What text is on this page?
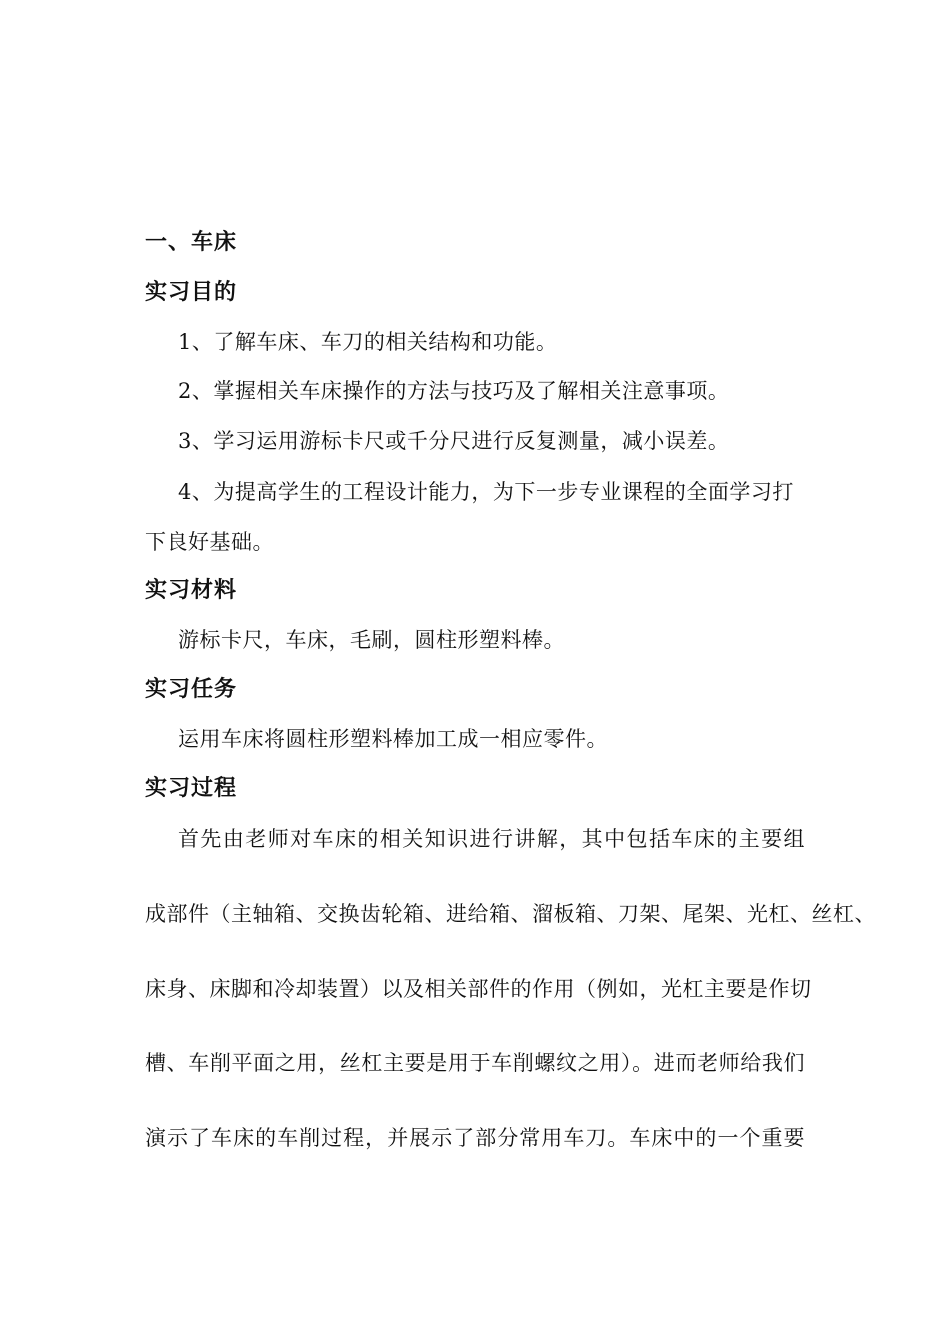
一、车床
实习目的
1、了解车床、车刀的相关结构和功能。
2、掌握相关车床操作的方法与技巧及了解相关注意事项。
3、学习运用游标卡尺或千分尺进行反复测量，减小误差。
4、为提高学生的工程设计能力，为下一步专业课程的全面学习打
下良好基础。
实习材料
游标卡尺，车床，毛刷，圆柱形塑料棒。
实习任务
运用车床将圆柱形塑料棒加工成一相应零件。
实习过程
首先由老师对车床的相关知识进行讲解，其中包括车床的主要组
成部件（主轴箱、交换齿轮箱、进给箱、溜板箱、刀架、尾架、光杠、丝杠、
床身、床脚和冷却装置）以及相关部件的作用（例如，光杠主要是作切
槽、车削平面之用，丝杠主要是用于车削螺纹之用）。进而老师给我们
演示了车床的车削过程，并展示了部分常用车刀。车床中的一个重要
